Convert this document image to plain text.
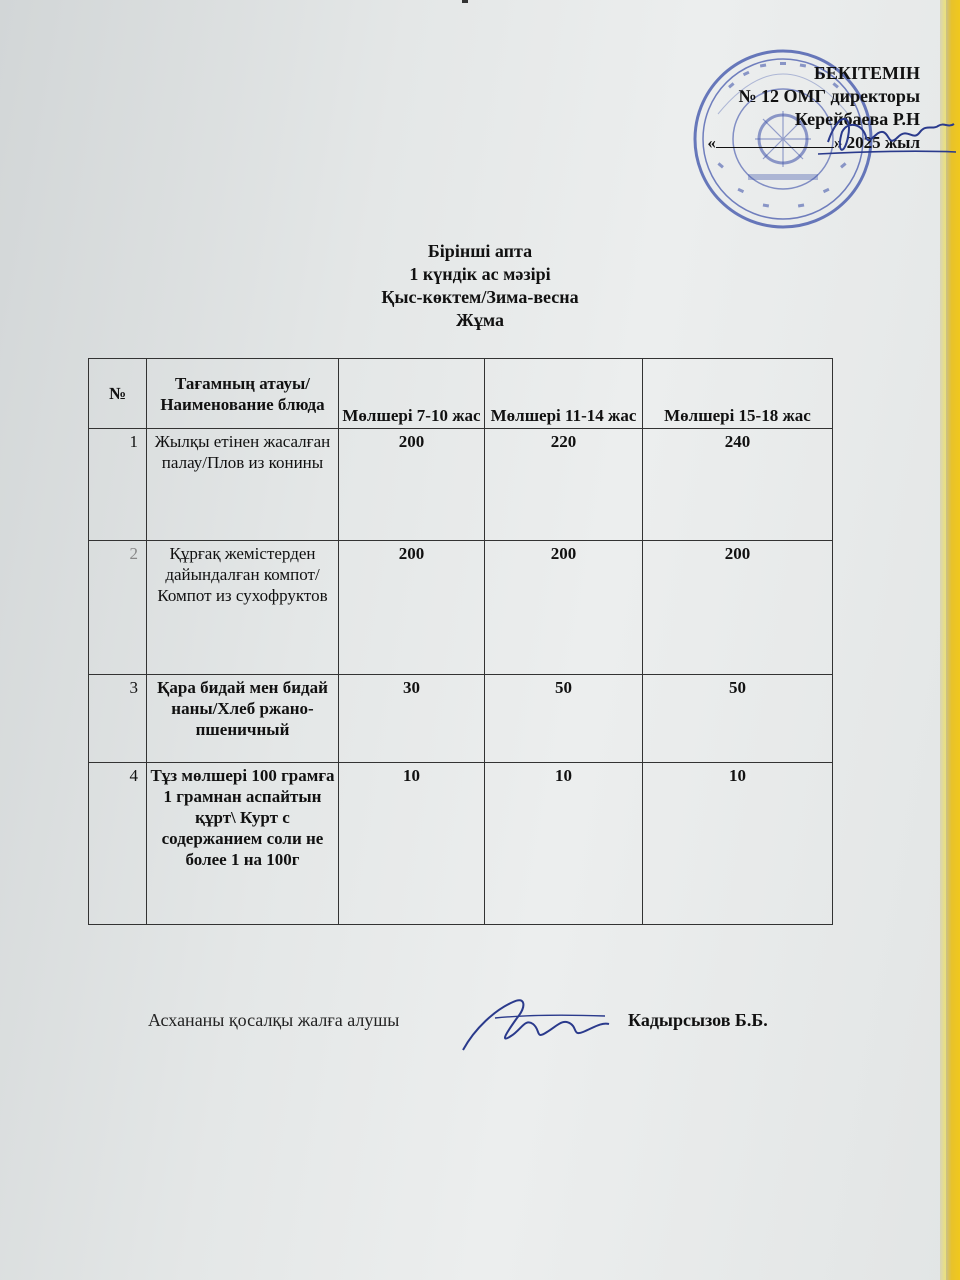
БЕКІТЕМІН
№ 12 ОМГ директоры
Керейбаева Р.Н
«	» 2025 жыл
Бірінші апта
1 күндік ас мәзірі
Қыс-көктем/Зима-весна
Жұма
№	Тағамның атауы/ Наименование блюда	Мөлшері 7-10 жас	Мөлшері 11-14 жас	Мөлшері 15-18 жас
1	Жылқы етінен жасалған палау/Плов из конины	200	220	240
2	Құрғақ жемістерден дайындалған компот/Компот из сухофруктов	200	200	200
3	Қара бидай мен бидай наны/Хлеб ржано-пшеничный	30	50	50
4	Тұз мөлшері 100 грамға 1 грамнан аспайтын құрт\ Курт с содержанием соли не более 1 на 100г	10	10	10
Асхананы қосалқы жалға алушы	Кадырсызов Б.Б.
